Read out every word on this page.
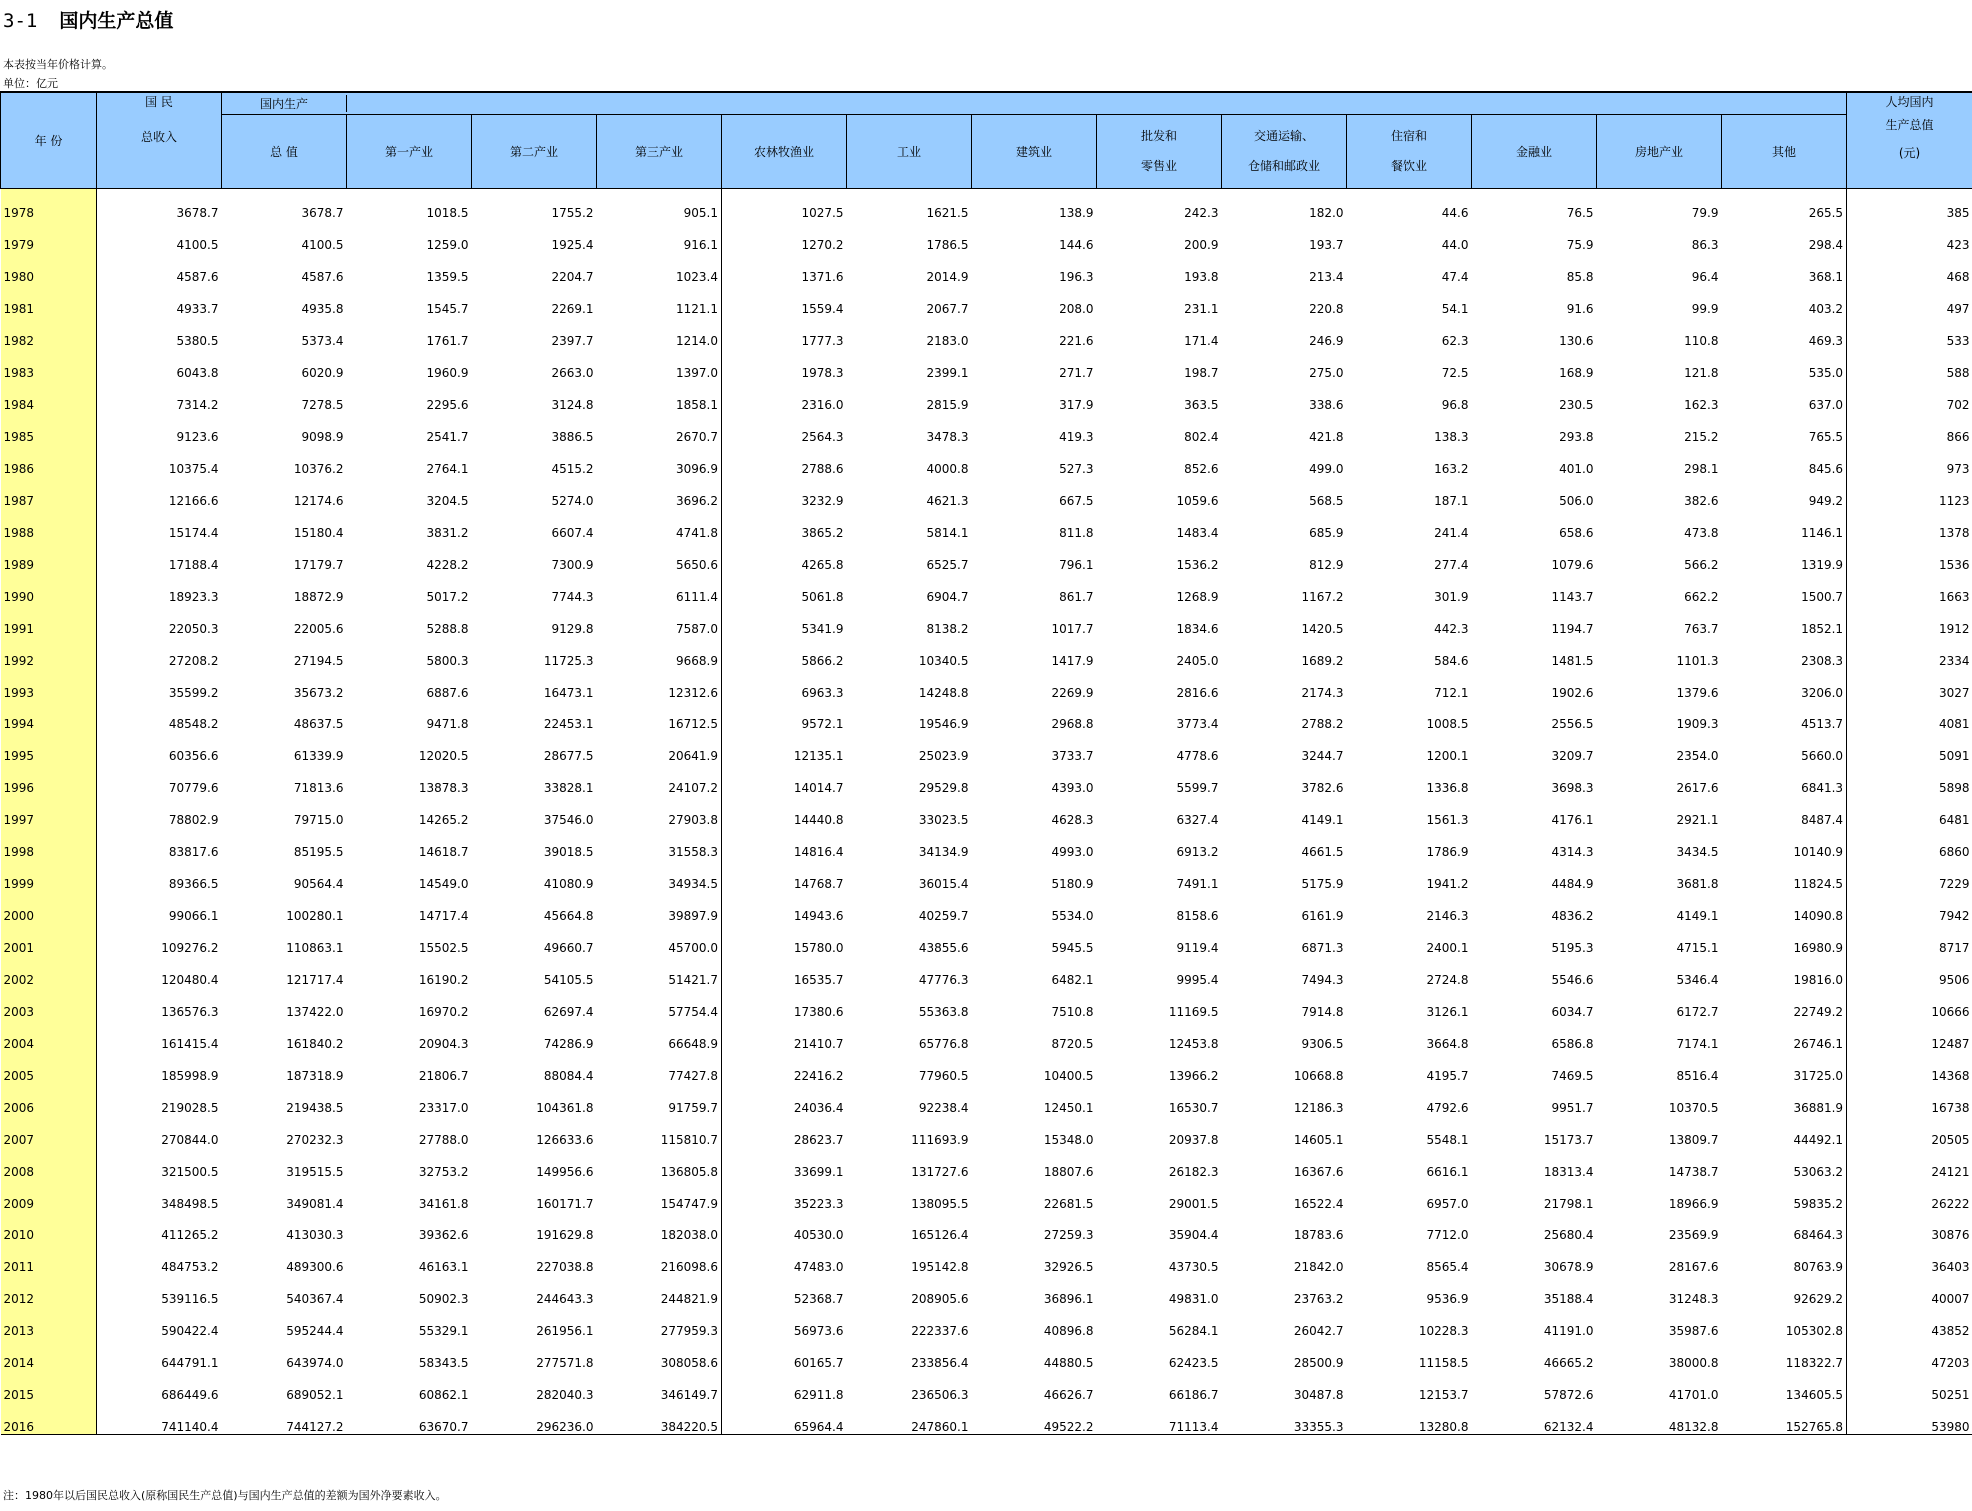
3-1 国内生产总值
本表按当年价格计算。
单位：亿元
年 份	国 民
总收入	国内生产													人均国内
生产总值
(元)

		总 值	第一产业	第二产业	第三产业	农林牧渔业	工业	建筑业	批发和
零售业	交通运输、
仓储和邮政业	住宿和
餐饮业	金融业	房地产业	其他	
1978	3678.7	3678.7	1018.5	1755.2	905.1	1027.5	1621.5	138.9	242.3	182.0	44.6	76.5	79.9	265.5	385
1979	4100.5	4100.5	1259.0	1925.4	916.1	1270.2	1786.5	144.6	200.9	193.7	44.0	75.9	86.3	298.4	423
1980	4587.6	4587.6	1359.5	2204.7	1023.4	1371.6	2014.9	196.3	193.8	213.4	47.4	85.8	96.4	368.1	468
1981	4933.7	4935.8	1545.7	2269.1	1121.1	1559.4	2067.7	208.0	231.1	220.8	54.1	91.6	99.9	403.2	497
1982	5380.5	5373.4	1761.7	2397.7	1214.0	1777.3	2183.0	221.6	171.4	246.9	62.3	130.6	110.8	469.3	533
1983	6043.8	6020.9	1960.9	2663.0	1397.0	1978.3	2399.1	271.7	198.7	275.0	72.5	168.9	121.8	535.0	588
1984	7314.2	7278.5	2295.6	3124.8	1858.1	2316.0	2815.9	317.9	363.5	338.6	96.8	230.5	162.3	637.0	702
1985	9123.6	9098.9	2541.7	3886.5	2670.7	2564.3	3478.3	419.3	802.4	421.8	138.3	293.8	215.2	765.5	866
1986	10375.4	10376.2	2764.1	4515.2	3096.9	2788.6	4000.8	527.3	852.6	499.0	163.2	401.0	298.1	845.6	973
1987	12166.6	12174.6	3204.5	5274.0	3696.2	3232.9	4621.3	667.5	1059.6	568.5	187.1	506.0	382.6	949.2	1123
1988	15174.4	15180.4	3831.2	6607.4	4741.8	3865.2	5814.1	811.8	1483.4	685.9	241.4	658.6	473.8	1146.1	1378
1989	17188.4	17179.7	4228.2	7300.9	5650.6	4265.8	6525.7	796.1	1536.2	812.9	277.4	1079.6	566.2	1319.9	1536
1990	18923.3	18872.9	5017.2	7744.3	6111.4	5061.8	6904.7	861.7	1268.9	1167.2	301.9	1143.7	662.2	1500.7	1663
1991	22050.3	22005.6	5288.8	9129.8	7587.0	5341.9	8138.2	1017.7	1834.6	1420.5	442.3	1194.7	763.7	1852.1	1912
1992	27208.2	27194.5	5800.3	11725.3	9668.9	5866.2	10340.5	1417.9	2405.0	1689.2	584.6	1481.5	1101.3	2308.3	2334
1993	35599.2	35673.2	6887.6	16473.1	12312.6	6963.3	14248.8	2269.9	2816.6	2174.3	712.1	1902.6	1379.6	3206.0	3027
1994	48548.2	48637.5	9471.8	22453.1	16712.5	9572.1	19546.9	2968.8	3773.4	2788.2	1008.5	2556.5	1909.3	4513.7	4081
1995	60356.6	61339.9	12020.5	28677.5	20641.9	12135.1	25023.9	3733.7	4778.6	3244.7	1200.1	3209.7	2354.0	5660.0	5091
1996	70779.6	71813.6	13878.3	33828.1	24107.2	14014.7	29529.8	4393.0	5599.7	3782.6	1336.8	3698.3	2617.6	6841.3	5898
1997	78802.9	79715.0	14265.2	37546.0	27903.8	14440.8	33023.5	4628.3	6327.4	4149.1	1561.3	4176.1	2921.1	8487.4	6481
1998	83817.6	85195.5	14618.7	39018.5	31558.3	14816.4	34134.9	4993.0	6913.2	4661.5	1786.9	4314.3	3434.5	10140.9	6860
1999	89366.5	90564.4	14549.0	41080.9	34934.5	14768.7	36015.4	5180.9	7491.1	5175.9	1941.2	4484.9	3681.8	11824.5	7229
2000	99066.1	100280.1	14717.4	45664.8	39897.9	14943.6	40259.7	5534.0	8158.6	6161.9	2146.3	4836.2	4149.1	14090.8	7942
2001	109276.2	110863.1	15502.5	49660.7	45700.0	15780.0	43855.6	5945.5	9119.4	6871.3	2400.1	5195.3	4715.1	16980.9	8717
2002	120480.4	121717.4	16190.2	54105.5	51421.7	16535.7	47776.3	6482.1	9995.4	7494.3	2724.8	5546.6	5346.4	19816.0	9506
2003	136576.3	137422.0	16970.2	62697.4	57754.4	17380.6	55363.8	7510.8	11169.5	7914.8	3126.1	6034.7	6172.7	22749.2	10666
2004	161415.4	161840.2	20904.3	74286.9	66648.9	21410.7	65776.8	8720.5	12453.8	9306.5	3664.8	6586.8	7174.1	26746.1	12487
2005	185998.9	187318.9	21806.7	88084.4	77427.8	22416.2	77960.5	10400.5	13966.2	10668.8	4195.7	7469.5	8516.4	31725.0	14368
2006	219028.5	219438.5	23317.0	104361.8	91759.7	24036.4	92238.4	12450.1	16530.7	12186.3	4792.6	9951.7	10370.5	36881.9	16738
2007	270844.0	270232.3	27788.0	126633.6	115810.7	28623.7	111693.9	15348.0	20937.8	14605.1	5548.1	15173.7	13809.7	44492.1	20505
2008	321500.5	319515.5	32753.2	149956.6	136805.8	33699.1	131727.6	18807.6	26182.3	16367.6	6616.1	18313.4	14738.7	53063.2	24121
2009	348498.5	349081.4	34161.8	160171.7	154747.9	35223.3	138095.5	22681.5	29001.5	16522.4	6957.0	21798.1	18966.9	59835.2	26222
2010	411265.2	413030.3	39362.6	191629.8	182038.0	40530.0	165126.4	27259.3	35904.4	18783.6	7712.0	25680.4	23569.9	68464.3	30876
2011	484753.2	489300.6	46163.1	227038.8	216098.6	47483.0	195142.8	32926.5	43730.5	21842.0	8565.4	30678.9	28167.6	80763.9	36403
2012	539116.5	540367.4	50902.3	244643.3	244821.9	52368.7	208905.6	36896.1	49831.0	23763.2	9536.9	35188.4	31248.3	92629.2	40007
2013	590422.4	595244.4	55329.1	261956.1	277959.3	56973.6	222337.6	40896.8	56284.1	26042.7	10228.3	41191.0	35987.6	105302.8	43852
2014	644791.1	643974.0	58343.5	277571.8	308058.6	60165.7	233856.4	44880.5	62423.5	28500.9	11158.5	46665.2	38000.8	118322.7	47203
2015	686449.6	689052.1	60862.1	282040.3	346149.7	62911.8	236506.3	46626.7	66186.7	30487.8	12153.7	57872.6	41701.0	134605.5	50251
2016	741140.4	744127.2	63670.7	296236.0	384220.5	65964.4	247860.1	49522.2	71113.4	33355.3	13280.8	62132.4	48132.8	152765.8	53980
注：1980年以后国民总收入(原称国民生产总值)与国内生产总值的差额为国外净要素收入。
